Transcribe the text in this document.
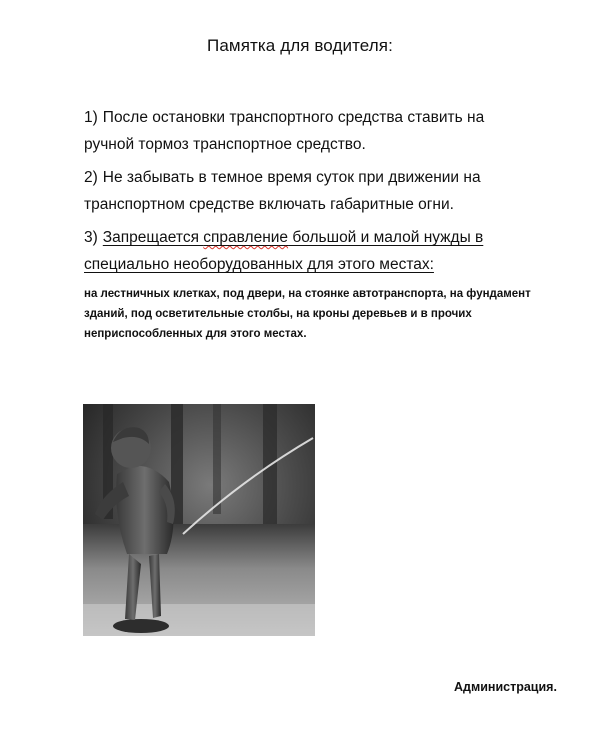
Памятка для водителя:
1) После остановки транспортного средства ставить на ручной тормоз транспортное средство.
2) Не забывать в темное время суток при движении на транспортном средстве включать габаритные огни.
3) Запрещается справление большой и малой нужды в специально необорудованных для этого местах:
на лестничных клетках, под двери, на стоянке автотранспорта, на фундамент зданий, под осветительные столбы, на кроны деревьев и в прочих неприспособленных для этого местах.
Администрация.
